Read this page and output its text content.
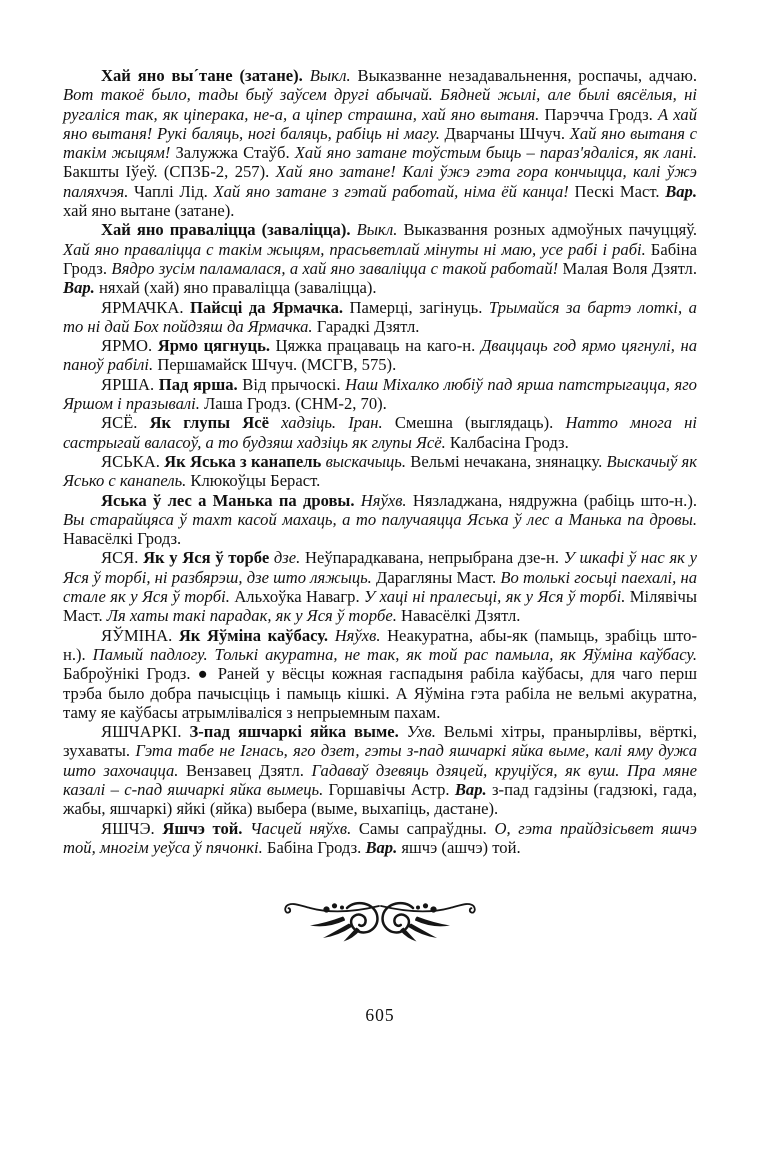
Хай яно вы´тане (затане). Выкл. Выказванне незадавальнення, роспачы, адчаю. Вот такоё было, тады быў заўсем другі абычай. Бядней жылі, але былі вясёлыя, ні ругаліся так, як ціперака, не-а, а ціпер страшна, хай яно вытаня. Парэчча Гродз. А хай яно вытаня! Рукі баляць, ногі баляць, рабіць ні магу. Дварчаны Шчуч. Хай яно вытаня с такім жыцям! Залужжа Стаўб. Хай яно затане тоўстым быць – параз'ядаліся, як лані. Бакшты Іўеў. (СПЗБ-2, 257). Хай яно затане! Калі ўжэ гэта гора кончыцца, калі ўжэ паляхчэя. Чаплі Лід. Хай яно затане з гэтай работай, німа ёй канца! Пескі Маст. Вар. хай яно вытане (затане).

Хай яно праваліцца (заваліцца). Выкл. Выказвання розных адмоўных пачуццяў. Хай яно праваліцца с такім жыцям, прасьветлай мінуты ні маю, усе рабі і рабі. Бабіна Гродз. Вядро зусім паламалася, а хай яно заваліцца с такой работай! Малая Воля Дзятл. Вар. няхай (хай) яно праваліцца (заваліцца).

ЯРМАЧКА. Пайсці да Ярмачка. Памерці, загінуць. Трымайся за бартэ лоткі, а то ні дай Бох пойдзяш да Ярмачка. Гарадкі Дзятл.

ЯРМО. Ярмо цягнуць. Цяжка працаваць на каго-н. Дваццаць год ярмо цягнулі, на паноў рабілі. Першамайск Шчуч. (МСГВ, 575).

ЯРША. Пад ярша. Від прычоскі. Наш Міхалко любіў пад ярша патстрыгацца, яго Яршом і празывалі. Лаша Гродз. (СНМ-2, 70).

ЯСЁ. Як глупы Ясё хадзіць. Іран. Смешна (выглядаць). Натто многа ні састрыгай валасоў, а то будзяш хадзіць як глупы Ясё. Калбасіна Гродз.

ЯСЬКА. Як Яська з канапель выскачыць. Вельмі нечакана, знянацку. Выскачыў як Ясько с канапель. Клюкоўцы Бераст.

Яська ў лес а Манька па дровы. Няўхв. Нязладжана, нядружна (рабіць што-н.). Вы старайцяса ў тахт касой махаць, а то палучаяцца Яська ў лес а Манька па дровы. Навасёлкі Гродз.

ЯСЯ. Як у Яся ў торбе дзе. Неўпарадкавана, непрыбрана дзе-н. У шкафі ў нас як у Яся ў торбі, ні разбярэш, дзе што ляжыць. Дарагляны Маст. Во толькі госьці паехалі, на стале як у Яся ў торбі. Альхоўка Навагр. У хаці ні пралесьці, як у Яся ў торбі. Мілявічы Маст. Ля хаты такі парадак, як у Яся ў торбе. Навасёлкі Дзятл.

ЯЎМІНА. Як Яўміна каўбасу. Няўхв. Неакуратна, абы-як (памыць, зрабіць што-н.). Памый падлогу. Толькі акуратна, не так, як той рас памыла, як Яўміна каўбасу. Баброўнікі Гродз. ● Раней у вёсцы кожная гаспадыня рабіла каўбасы, для чаго перш трэба было добра пачысціць і памыць кішкі. А Яўміна гэта рабіла не вельмі акуратна, таму яе каўбасы атрымліваліся з непрыемным пахам.

ЯШЧАРКІ. З-пад яшчаркі яйка выме. Ухв. Вельмі хітры, пранырлівы, вёрткі, зухаваты. Гэта табе не Ігнась, яго дзет, гэты з-пад яшчаркі яйка выме, калі яму дужа што захочацца. Вензавец Дзятл. Гадаваў дзевяць дзяцей, круціўся, як вуш. Пра мяне казалі – с-пад яшчаркі яйка вымець. Горшавічы Астр. Вар. з-пад гадзіны (гадзюкі, гада, жабы, яшчаркі) яйкі (яйка) выбера (выме, выхапіць, дастане).

ЯШЧЭ. Яшчэ той. Часцей няўхв. Самы сапраўдны. О, гэта прайдзісьвет яшчэ той, многім уеўса ў пячонкі. Бабіна Гродз. Вар. яшчэ (ашчэ) той.

605
